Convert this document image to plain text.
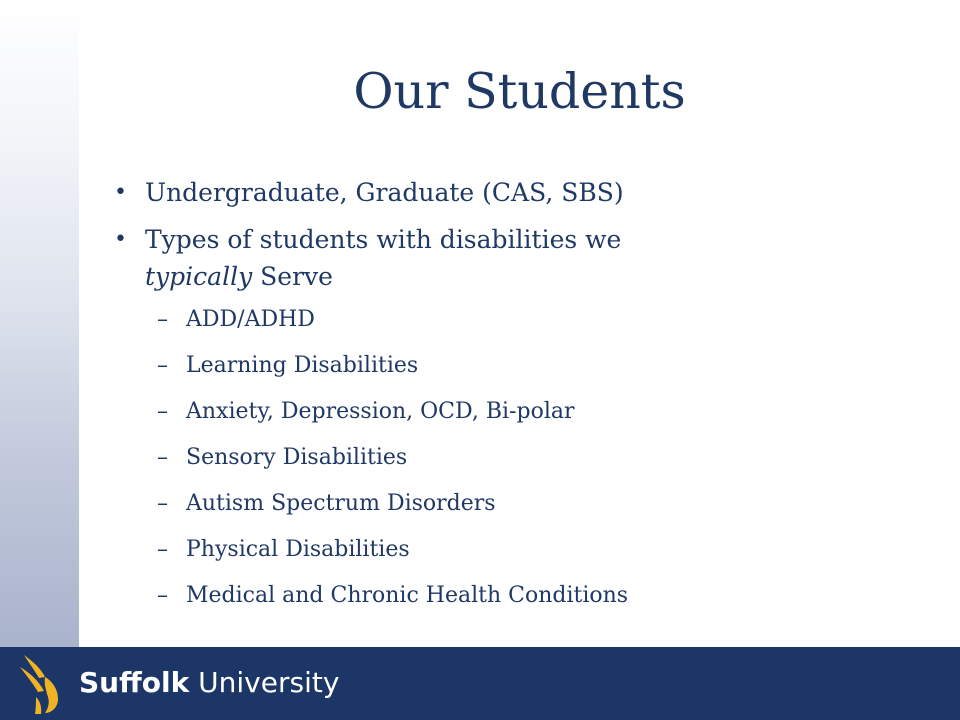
Our Students
• Undergraduate, Graduate (CAS, SBS)
• Types of students with disabilities we
typically Serve
– ADD/ADHD
– Learning Disabilities
– Anxiety, Depression, OCD, Bi-polar
– Sensory Disabilities
– Autism Spectrum Disorders
– Physical Disabilities
– Medical and Chronic Health Conditions
Suffolk University
